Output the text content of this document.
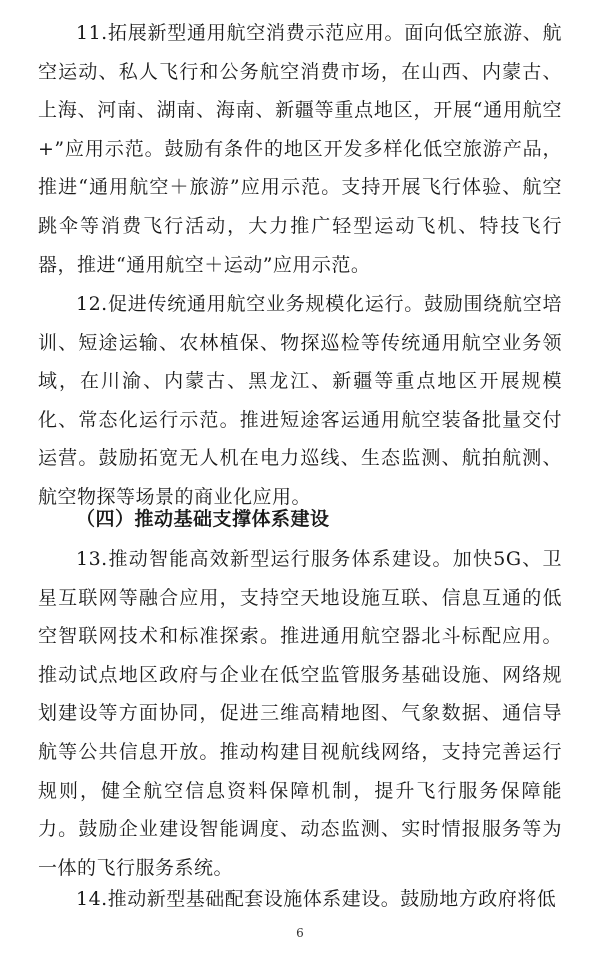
11.拓展新型通用航空消费示范应用。面向低空旅游、航空运动、私人飞行和公务航空消费市场，在山西、内蒙古、上海、河南、湖南、海南、新疆等重点地区，开展“通用航空+”应用示范。鼓励有条件的地区开发多样化低空旅游产品，推进“通用航空＋旅游”应用示范。支持开展飞行体验、航空跳伞等消费飞行活动，大力推广轻型运动飞机、特技飞行器，推进“通用航空＋运动”应用示范。

12.促进传统通用航空业务规模化运行。鼓励围绕航空培训、短途运输、农林植保、物探巡检等传统通用航空业务领域，在川渝、内蒙古、黑龙江、新疆等重点地区开展规模化、常态化运行示范。推进短途客运通用航空装备批量交付运营。鼓励拓宽无人机在电力巡线、生态监测、航拍航测、航空物探等场景的商业化应用。

（四）推动基础支撑体系建设

13.推动智能高效新型运行服务体系建设。加快5G、卫星互联网等融合应用，支持空天地设施互联、信息互通的低空智联网技术和标准探索。推进通用航空器北斗标配应用。推动试点地区政府与企业在低空监管服务基础设施、网络规划建设等方面协同，促进三维高精地图、气象数据、通信导航等公共信息开放。推动构建目视航线网络，支持完善运行规则，健全航空信息资料保障机制，提升飞行服务保障能力。鼓励企业建设智能调度、动态监测、实时情报服务等为一体的飞行服务系统。

14.推动新型基础配套设施体系建设。鼓励地方政府将低

6
